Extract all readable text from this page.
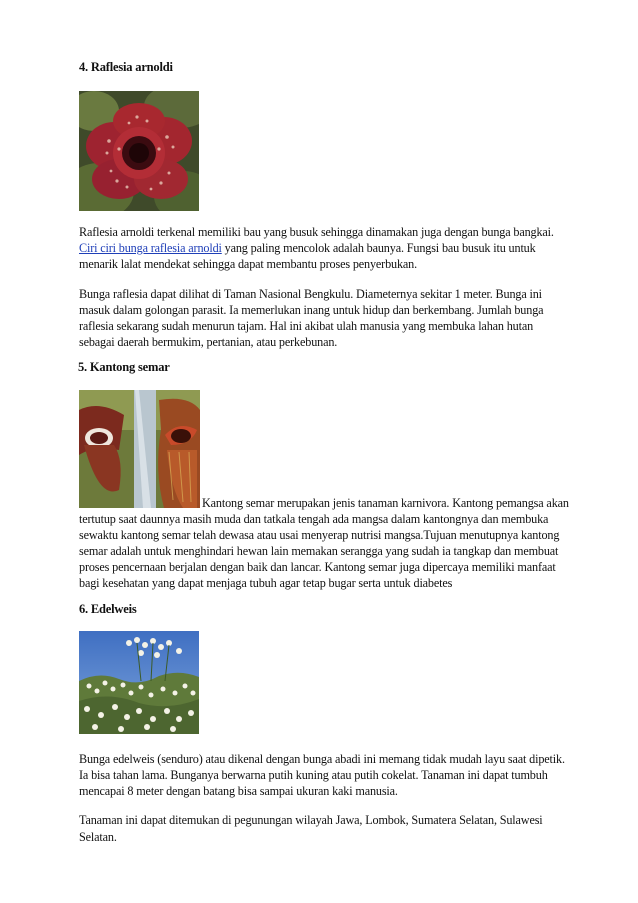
4. Raflesia arnoldi
Raflesia arnoldi terkenal memiliki bau yang busuk sehingga dinamakan juga dengan bunga bangkai.
Ciri ciri bunga raflesia arnoldi yang paling mencolok adalah baunya. Fungsi bau busuk itu untuk
menarik lalat mendekat sehingga dapat membantu proses penyerbukan.
Bunga raflesia dapat dilihat di Taman Nasional Bengkulu. Diameternya sekitar 1 meter. Bunga ini
masuk dalam golongan parasit. Ia memerlukan inang untuk hidup dan berkembang. Jumlah bunga
raflesia sekarang sudah menurun tajam. Hal ini akibat ulah manusia yang membuka lahan hutan
sebagai daerah bermukim, pertanian, atau perkebunan.
5. Kantong semar
Kantong semar merupakan jenis tanaman karnivora. Kantong pemangsa akan
tertutup saat daunnya masih muda dan tatkala tengah ada mangsa dalam kantongnya dan membuka
sewaktu kantong semar telah dewasa atau usai menyerap nutrisi mangsa.Tujuan menutupnya kantong
semar adalah untuk menghindari hewan lain memakan serangga yang sudah ia tangkap dan membuat
proses pencernaan berjalan dengan baik dan lancar. Kantong semar juga dipercaya memiliki manfaat
bagi kesehatan yang dapat menjaga tubuh agar tetap bugar serta untuk diabetes
6. Edelweis
Bunga edelweis (senduro) atau dikenal dengan bunga abadi ini memang tidak mudah layu saat dipetik.
Ia bisa tahan lama. Bunganya berwarna putih kuning atau putih cokelat. Tanaman ini dapat tumbuh
mencapai 8 meter dengan batang bisa sampai ukuran kaki manusia.
Tanaman ini dapat ditemukan di pegunungan wilayah Jawa, Lombok, Sumatera Selatan, Sulawesi
Selatan.
